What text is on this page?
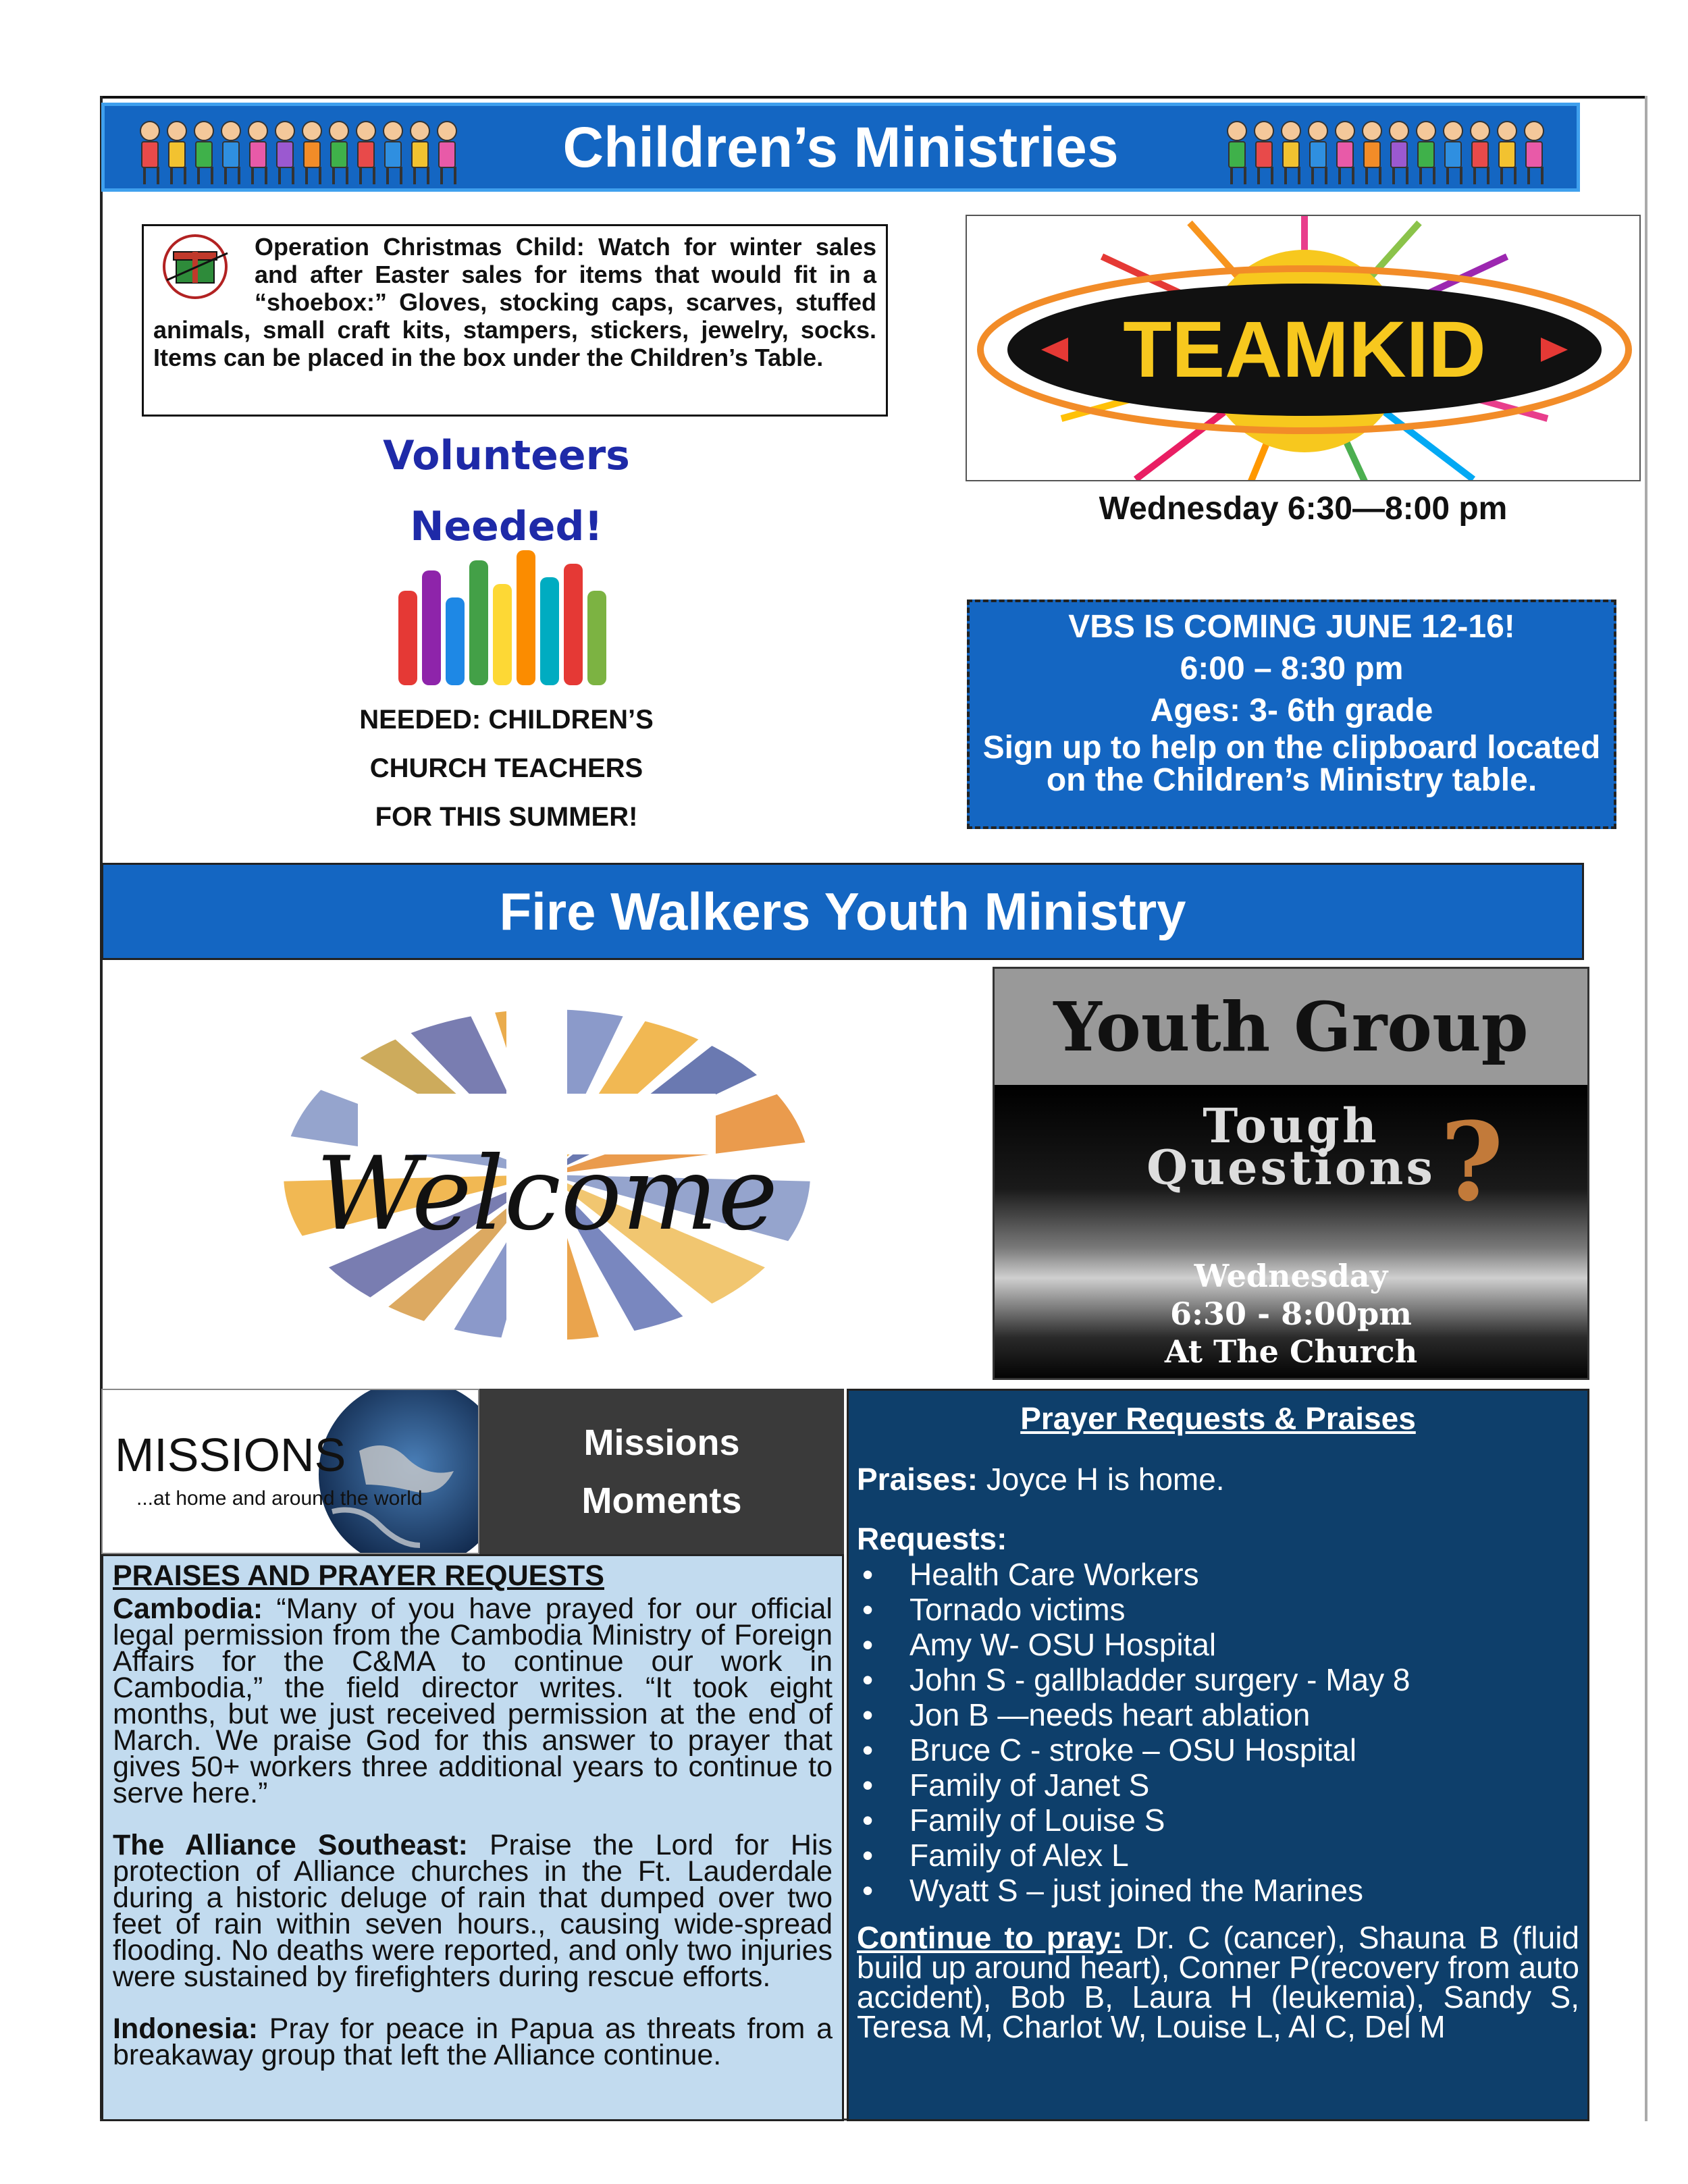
Children’s Ministries
Operation Christmas Child: Watch for winter sales and after Easter sales for items that would fit in a “shoebox:” Gloves, stocking caps, scarves, stuffed animals, small craft kits, stampers, stickers, jewelry, socks. Items can be placed in the box under the Children’s Table.	TEAMKID
Wednesday 6:30—8:00 pm
Volunteers
Needed!
NEEDED: CHILDREN’S
CHURCH TEACHERS
FOR THIS SUMMER!
VBS IS COMING JUNE 12-16!
6:00 – 8:30 pm
Ages: 3- 6th grade
Sign up to help on the clipboard located
on the Children’s Ministry table.
Fire Walkers Youth Ministry
Welcome
Youth Group
Tough
Questions ?
Wednesday
6:30 - 8:00pm
At The Church
MISSIONS
...at home and around the world
Missions
Moments
PRAISES AND PRAYER REQUESTS

Cambodia: “Many of you have prayed for our official legal permission from the Cambodia Ministry of Foreign Affairs for the C&MA to continue our work in Cambodia,” the field director writes. “It took eight months, but we just received permission at the end of March. We praise God for this answer to prayer that gives 50+ workers three additional years to continue to serve here.”

The Alliance Southeast: Praise the Lord for His protection of Alliance churches in the Ft. Lauderdale during a historic deluge of rain that dumped over two feet of rain within seven hours., causing wide-spread flooding. No deaths were reported, and only two injuries were sustained by firefighters during rescue efforts.

Indonesia: Pray for peace in Papua as threats from a breakaway group that left the Alliance continue.

Prayer Requests & Praises
Praises: Joyce H is home.
Requests:
• Health Care Workers
• Tornado victims
• Amy W- OSU Hospital
• John S - gallbladder surgery - May 8
• Jon B —needs heart ablation
• Bruce C - stroke – OSU Hospital
• Family of Janet S
• Family of Louise S
• Family of Alex L
• Wyatt S – just joined the Marines
Continue to pray: Dr. C (cancer), Shauna B (fluid build up around heart), Conner P(recovery from auto accident), Bob B, Laura H (leukemia), Sandy S, Teresa M, Charlot W, Louise L, Al C, Del M
